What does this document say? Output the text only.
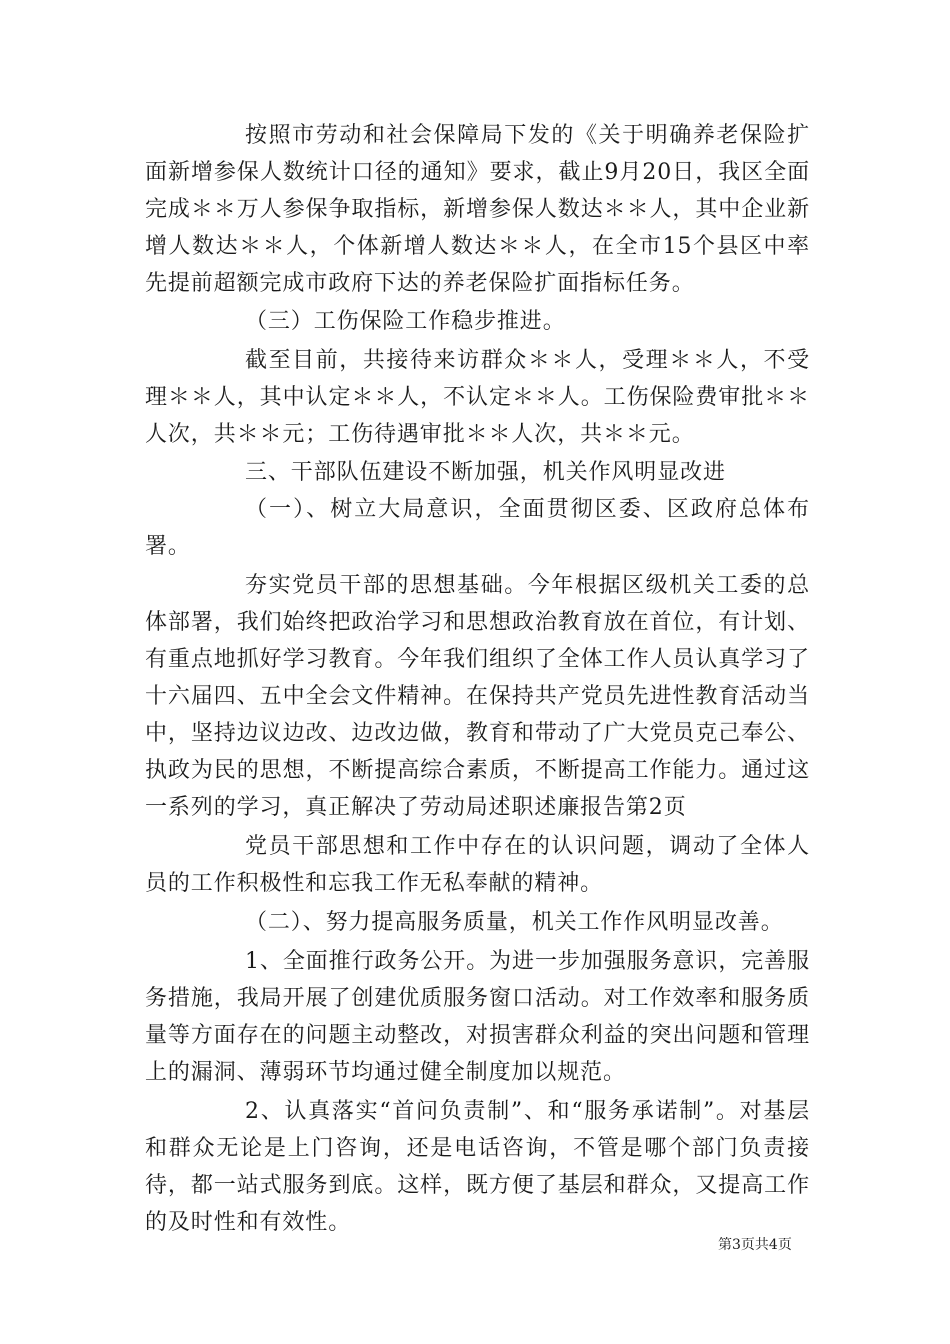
按照市劳动和社会保障局下发的《关于明确养老保险扩面新增参保人数统计口径的通知》要求，截止9月20日，我区全面完成＊＊万人参保争取指标，新增参保人数达＊＊人，其中企业新增人数达＊＊人，个体新增人数达＊＊人，在全市15个县区中率先提前超额完成市政府下达的养老保险扩面指标任务。

（三）工伤保险工作稳步推进。

截至目前，共接待来访群众＊＊人，受理＊＊人，不受理＊＊人，其中认定＊＊人，不认定＊＊人。工伤保险费审批＊＊人次，共＊＊元；工伤待遇审批＊＊人次，共＊＊元。

三、干部队伍建设不断加强，机关作风明显改进

（一）、树立大局意识，全面贯彻区委、区政府总体布署。

夯实党员干部的思想基础。今年根据区级机关工委的总体部署，我们始终把政治学习和思想政治教育放在首位，有计划、有重点地抓好学习教育。今年我们组织了全体工作人员认真学习了十六届四、五中全会文件精神。在保持共产党员先进性教育活动当中，坚持边议边改、边改边做，教育和带动了广大党员克己奉公、执政为民的思想，不断提高综合素质，不断提高工作能力。通过这一系列的学习，真正解决了劳动局述职述廉报告第2页

党员干部思想和工作中存在的认识问题，调动了全体人员的工作积极性和忘我工作无私奉献的精神。

（二）、努力提高服务质量，机关工作作风明显改善。

1、全面推行政务公开。为进一步加强服务意识，完善服务措施，我局开展了创建优质服务窗口活动。对工作效率和服务质量等方面存在的问题主动整改，对损害群众利益的突出问题和管理上的漏洞、薄弱环节均通过健全制度加以规范。

2、认真落实“首问负责制”、和“服务承诺制”。对基层和群众无论是上门咨询，还是电话咨询，不管是哪个部门负责接待，都一站式服务到底。这样，既方便了基层和群众，又提高工作的及时性和有效性。

第3页共4页
